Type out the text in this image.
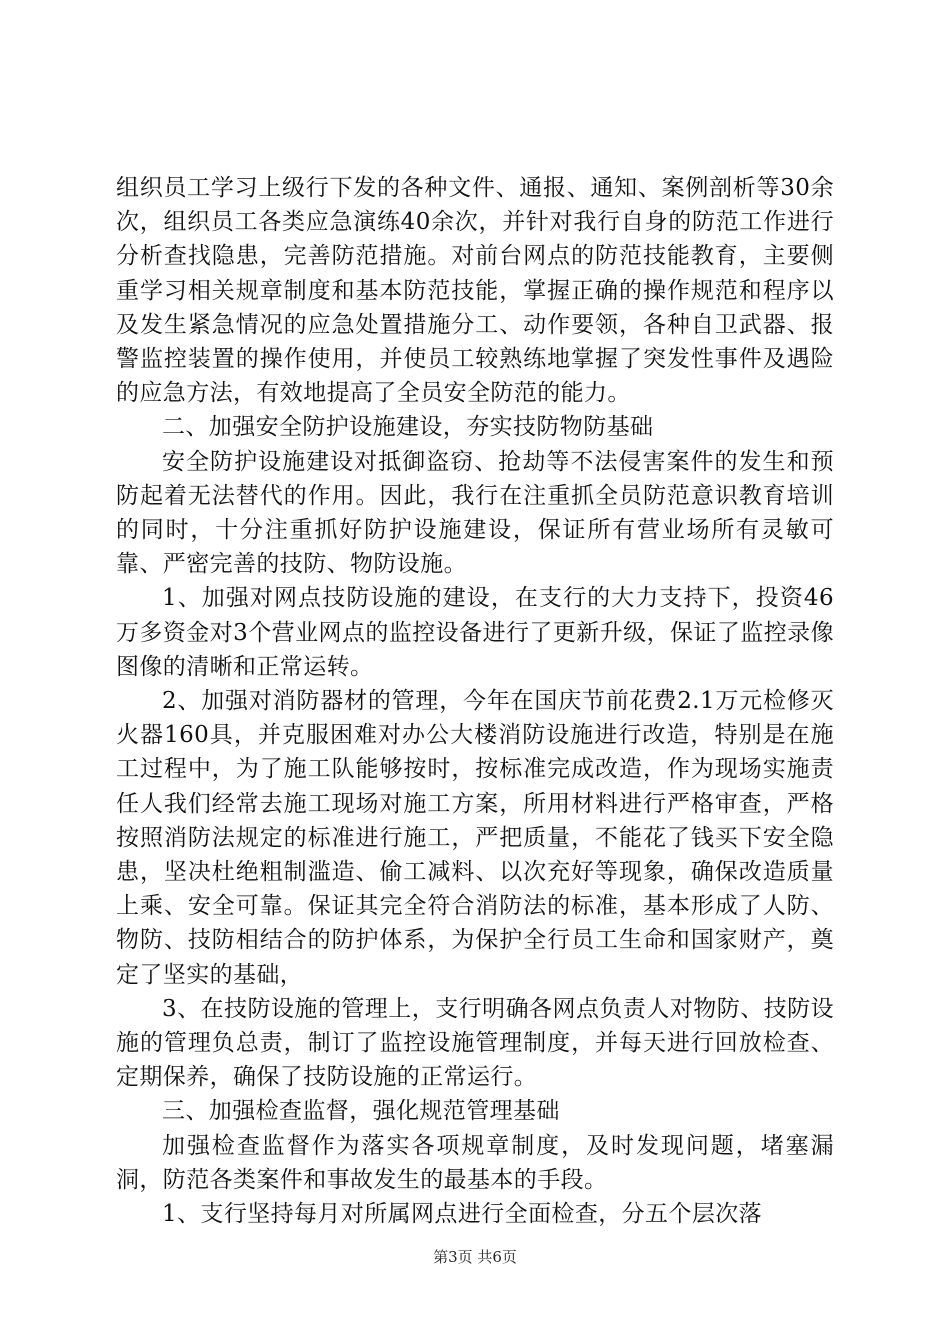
组织员工学习上级行下发的各种文件、通报、通知、案例剖析等30余次，组织员工各类应急演练40余次，并针对我行自身的防范工作进行分析查找隐患，完善防范措施。对前台网点的防范技能教育，主要侧重学习相关规章制度和基本防范技能，掌握正确的操作规范和程序以及发生紧急情况的应急处置措施分工、动作要领，各种自卫武器、报警监控装置的操作使用，并使员工较熟练地掌握了突发性事件及遇险的应急方法，有效地提高了全员安全防范的能力。

二、加强安全防护设施建设，夯实技防物防基础

安全防护设施建设对抵御盗窃、抢劫等不法侵害案件的发生和预防起着无法替代的作用。因此，我行在注重抓全员防范意识教育培训的同时，十分注重抓好防护设施建设，保证所有营业场所有灵敏可靠、严密完善的技防、物防设施。

1、加强对网点技防设施的建设，在支行的大力支持下，投资46万多资金对3个营业网点的监控设备进行了更新升级，保证了监控录像图像的清晰和正常运转。

2、加强对消防器材的管理，今年在国庆节前花费2.1万元检修灭火器160具，并克服困难对办公大楼消防设施进行改造，特别是在施工过程中，为了施工队能够按时，按标准完成改造，作为现场实施责任人我们经常去施工现场对施工方案，所用材料进行严格审查，严格按照消防法规定的标准进行施工，严把质量，不能花了钱买下安全隐患，坚决杜绝粗制滥造、偷工减料、以次充好等现象，确保改造质量上乘、安全可靠。保证其完全符合消防法的标准，基本形成了人防、物防、技防相结合的防护体系，为保护全行员工生命和国家财产，奠定了坚实的基础，

3、在技防设施的管理上，支行明确各网点负责人对物防、技防设施的管理负总责，制订了监控设施管理制度，并每天进行回放检查、定期保养，确保了技防设施的正常运行。

三、加强检查监督，强化规范管理基础

加强检查监督作为落实各项规章制度，及时发现问题，堵塞漏洞，防范各类案件和事故发生的最基本的手段。

1、支行坚持每月对所属网点进行全面检查，分五个层次落

第3页 共6页
